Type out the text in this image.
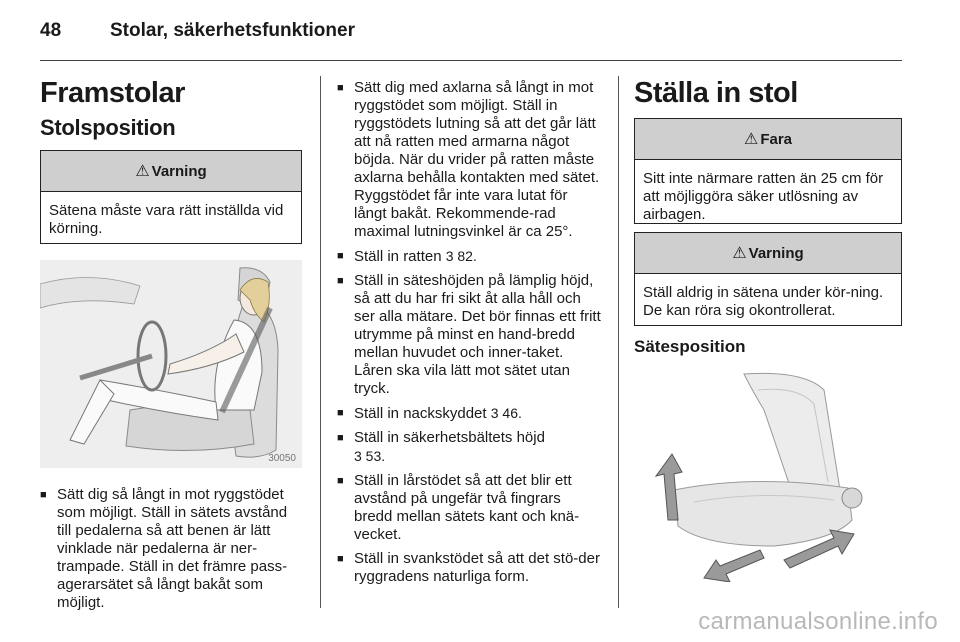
48	Stolar, säkerhetsfunktioner
Framstolar
Stolsposition
⚠ Varning
Sätena måste vara rätt inställda vid körning.
30050
■ Sätt dig så långt in mot ryggstödet som möjligt. Ställ in sätets avstånd till pedalerna så att benen är lätt vinklade när pedalerna är ner-trampade. Ställ in det främre pass-agerarsätet så långt bakåt som möjligt.
■ Sätt dig med axlarna så långt in mot ryggstödet som möjligt. Ställ in ryggstödets lutning så att det går lätt att nå ratten med armarna något böjda. När du vrider på ratten måste axlarna behålla kontakten med sätet. Ryggstödet får inte vara lutat för långt bakåt. Rekommende-rad maximal lutningsvinkel är ca 25°.
■ Ställ in ratten 3 82.
■ Ställ in säteshöjden på lämplig höjd, så att du har fri sikt åt alla håll och ser alla mätare. Det bör finnas ett fritt utrymme på minst en hand-bredd mellan huvudet och inner-taket. Låren ska vila lätt mot sätet utan tryck.
■ Ställ in nackskyddet 3 46.
■ Ställ in säkerhetsbältets höjd
3 53.
■ Ställ in lårstödet så att det blir ett avstånd på ungefär två fingrars bredd mellan sätets kant och knä-vecket.
■ Ställ in svankstödet så att det stö-der ryggradens naturliga form.
Ställa in stol
⚠ Fara
Sitt inte närmare ratten än 25 cm för att möjliggöra säker utlösning av airbagen.
⚠ Varning
Ställ aldrig in sätena under kör-ning. De kan röra sig okontrollerat.
Sätesposition
carmanualsonline.info
